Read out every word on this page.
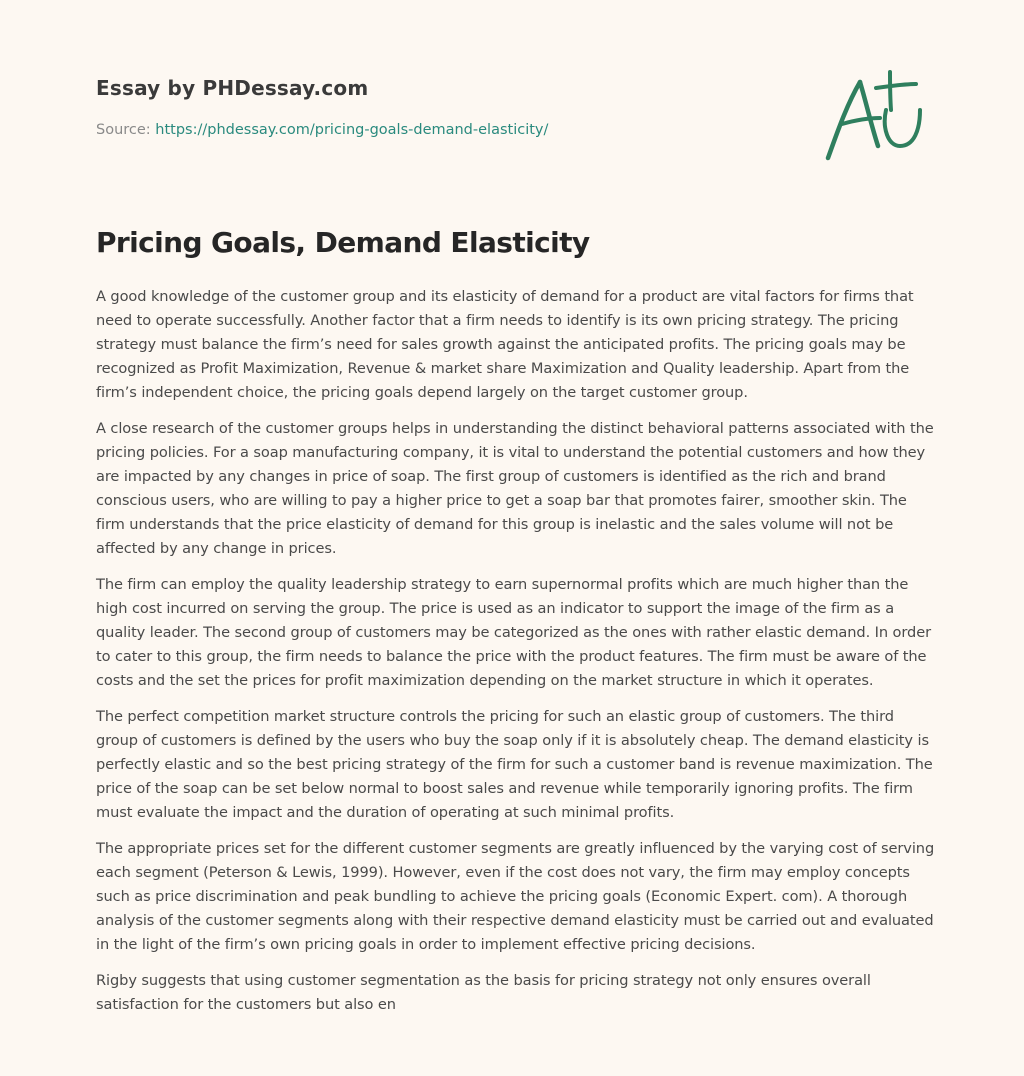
Essay by PHDessay.com
Source: https://phdessay.com/pricing-goals-demand-elasticity/
Pricing Goals, Demand Elasticity

A good knowledge of the customer group and its elasticity of demand for a product are vital factors for firms that need to operate successfully. Another factor that a firm needs to identify is its own pricing strategy. The pricing strategy must balance the firm’s need for sales growth against the anticipated profits. The pricing goals may be recognized as Profit Maximization, Revenue & market share Maximization and Quality leadership. Apart from the firm’s independent choice, the pricing goals depend largely on the target customer group.

A close research of the customer groups helps in understanding the distinct behavioral patterns associated with the pricing policies. For a soap manufacturing company, it is vital to understand the potential customers and how they are impacted by any changes in price of soap. The first group of customers is identified as the rich and brand conscious users, who are willing to pay a higher price to get a soap bar that promotes fairer, smoother skin. The firm understands that the price elasticity of demand for this group is inelastic and the sales volume will not be affected by any change in prices.

The firm can employ the quality leadership strategy to earn supernormal profits which are much higher than the high cost incurred on serving the group. The price is used as an indicator to support the image of the firm as a quality leader. The second group of customers may be categorized as the ones with rather elastic demand. In order to cater to this group, the firm needs to balance the price with the product features. The firm must be aware of the costs and the set the prices for profit maximization depending on the market structure in which it operates.

The perfect competition market structure controls the pricing for such an elastic group of customers. The third group of customers is defined by the users who buy the soap only if it is absolutely cheap. The demand elasticity is perfectly elastic and so the best pricing strategy of the firm for such a customer band is revenue maximization. The price of the soap can be set below normal to boost sales and revenue while temporarily ignoring profits. The firm must evaluate the impact and the duration of operating at such minimal profits.

The appropriate prices set for the different customer segments are greatly influenced by the varying cost of serving each segment (Peterson & Lewis, 1999). However, even if the cost does not vary, the firm may employ concepts such as price discrimination and peak bundling to achieve the pricing goals (Economic Expert. com). A thorough analysis of the customer segments along with their respective demand elasticity must be carried out and evaluated in the light of the firm’s own pricing goals in order to implement effective pricing decisions.

Rigby suggests that using customer segmentation as the basis for pricing strategy not only ensures overall satisfaction for the customers but also en
